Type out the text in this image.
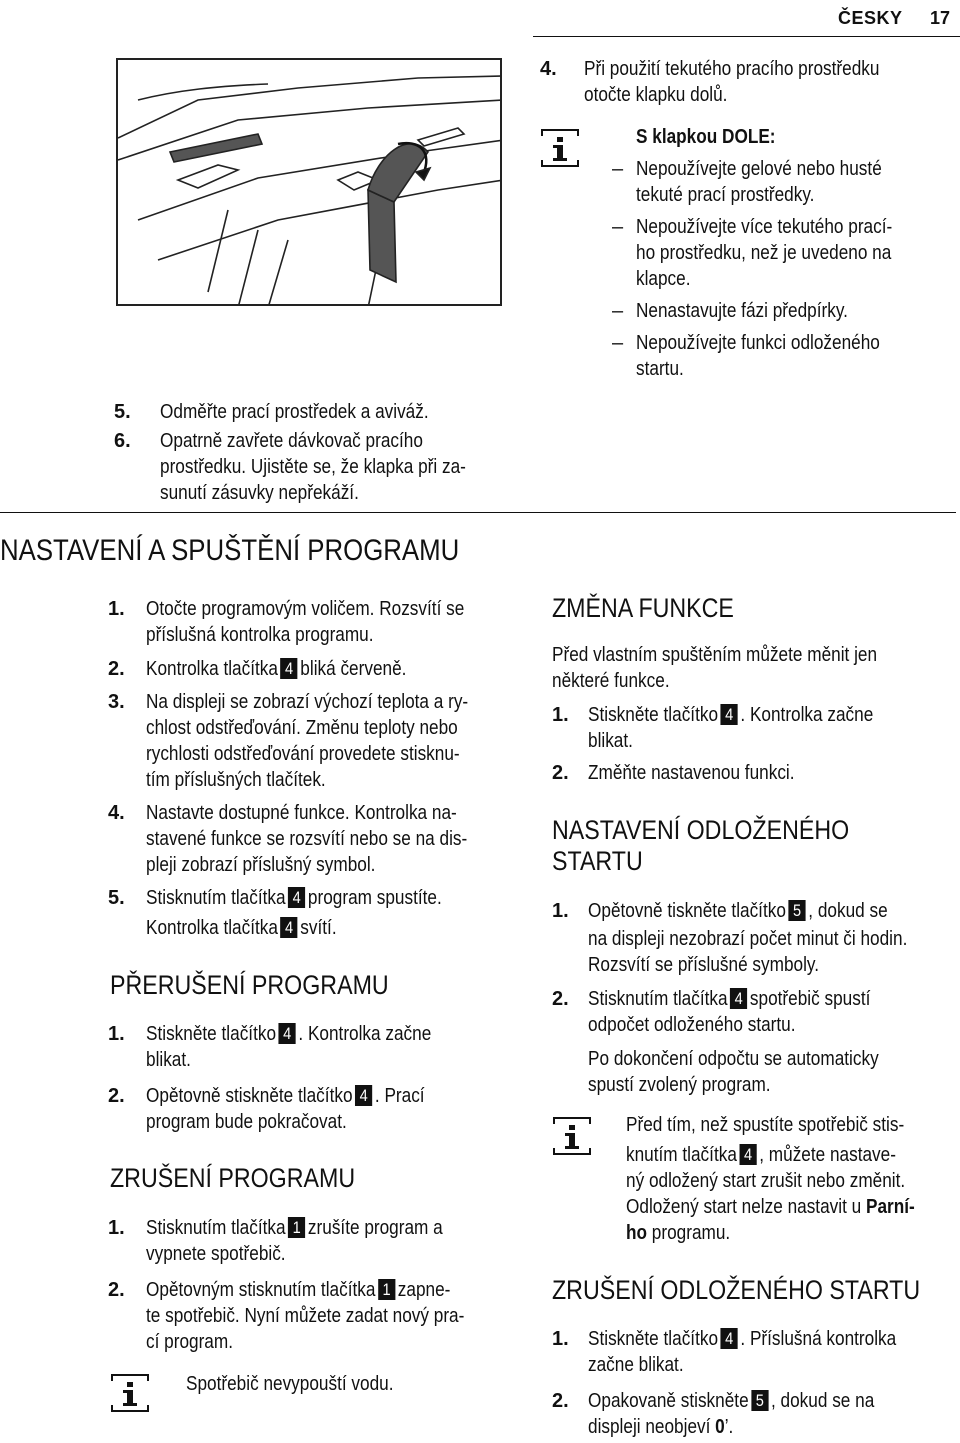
ČESKY 17
5. Odměřte prací prostředek a aviváž.
6. Opatrně zavřete dávkovač pracího
prostředku. Ujistěte se, že klapka při za-
sunutí zásuvky nepřekáží.
4. Při použití tekutého pracího prostředku
otočte klapku dolů.
S klapkou DOLE:
– Nepoužívejte gelové nebo husté
tekuté prací prostředky.
– Nepoužívejte více tekutého prací-
ho prostředku, než je uvedeno na
klapce.
– Nenastavujte fázi předpírky.
– Nepoužívejte funkci odloženého
startu.
NASTAVENÍ A SPUŠTĚNÍ PROGRAMU
1. Otočte programovým voličem. Rozsvítí se
příslušná kontrolka programu.
2. Kontrolka tlačítka 4 bliká červeně.
3. Na displeji se zobrazí výchozí teplota a ry-
chlost odstřeďování. Změnu teploty nebo
rychlosti odstřeďování provedete stisknu-
tím příslušných tlačítek.
4. Nastavte dostupné funkce. Kontrolka na-
stavené funkce se rozsvítí nebo se na dis-
pleji zobrazí příslušný symbol.
5. Stisknutím tlačítka 4 program spustíte.
Kontrolka tlačítka 4 svítí.
PŘERUŠENÍ PROGRAMU
1. Stiskněte tlačítko 4 . Kontrolka začne
blikat.
2. Opětovně stiskněte tlačítko 4 . Prací
program bude pokračovat.
ZRUŠENÍ PROGRAMU
1. Stisknutím tlačítka 1 zrušíte program a
vypnete spotřebič.
2. Opětovným stisknutím tlačítka 1 zapne-
te spotřebič. Nyní můžete zadat nový pra-
cí program.
Spotřebič nevypouští vodu.
ZMĚNA FUNKCE
Před vlastním spuštěním můžete měnit jen
některé funkce.
1. Stiskněte tlačítko 4 . Kontrolka začne
blikat.
2. Změňte nastavenou funkci.
NASTAVENÍ ODLOŽENÉHO
STARTU
1. Opětovně tiskněte tlačítko 5 , dokud se
na displeji nezobrazí počet minut či hodin.
Rozsvítí se příslušné symboly.
2. Stisknutím tlačítka 4 spotřebič spustí
odpočet odloženého startu.
Po dokončení odpočtu se automaticky
spustí zvolený program.
Před tím, než spustíte spotřebič stis-
knutím tlačítka 4 , můžete nastave-
ný odložený start zrušit nebo změnit.
Odložený start nelze nastavit u Parní-
ho programu.
ZRUŠENÍ ODLOŽENÉHO STARTU
1. Stiskněte tlačítko 4 . Příslušná kontrolka
začne blikat.
2. Opakovaně stiskněte 5 , dokud se na
displeji neobjeví 0’.
